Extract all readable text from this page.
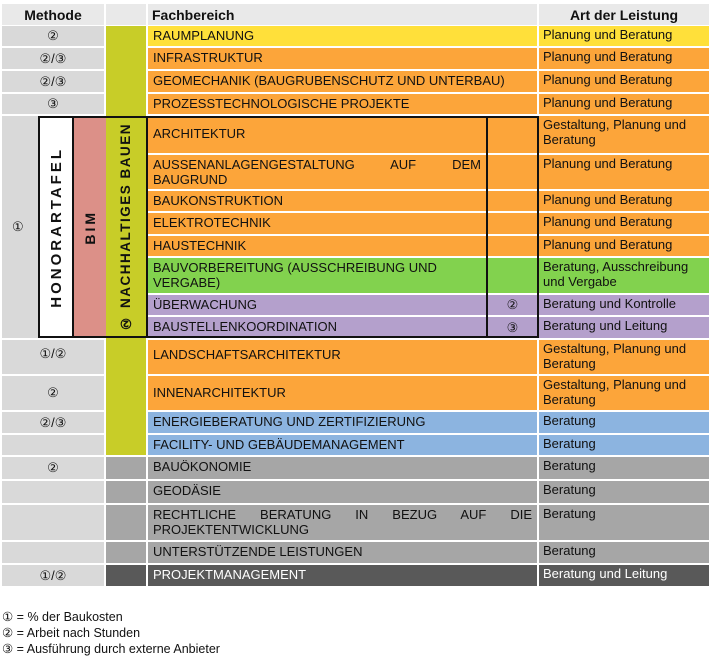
Methode	Fachbereich	Art der Leistung
②
②/③
②/③
③
①
①/②
②
②/③
②
①/②
② NACHHALTIGES BAUEN
HONORARTAFEL BIM
RAUMPLANUNG
INFRASTRUKTUR
GEOMECHANIK (BAUGRUBENSCHUTZ UND UNTERBAU)
PROZESSTECHNOLOGISCHE PROJEKTE
ARCHITEKTUR
AUSSENANLAGENGESTALTUNG AUF DEM

BAUGRUND
BAUKONSTRUKTION
ELEKTROTECHNIK
HAUSTECHNIK
BAUVORBEREITUNG (AUSSCHREIBUNG UND VERGABE)
ÜBERWACHUNG
BAUSTELLENKOORDINATION
②
③
LANDSCHAFTSARCHITEKTUR
INNENARCHITEKTUR
ENERGIEBERATUNG UND ZERTIFIZIERUNG
FACILITY- UND GEBÄUDEMANAGEMENT
BAUÖKONOMIE
GEODÄSIE
RECHTLICHE BERATUNG IN BEZUG AUF DIE

PROJEKTENTWICKLUNG
UNTERSTÜTZENDE LEISTUNGEN
PROJEKTMANAGEMENT
Planung und Beratung
Planung und Beratung
Planung und Beratung
Planung und Beratung
Gestaltung, Planung und Beratung
Planung und Beratung
Planung und Beratung
Planung und Beratung
Planung und Beratung
Beratung, Ausschreibung und Vergabe
Beratung und Kontrolle
Beratung und Leitung
Gestaltung, Planung und Beratung
Gestaltung, Planung und Beratung
Beratung
Beratung
Beratung
Beratung
Beratung
Beratung
Beratung und Leitung
① = % der Baukosten
② = Arbeit nach Stunden
③ = Ausführung durch externe Anbieter
